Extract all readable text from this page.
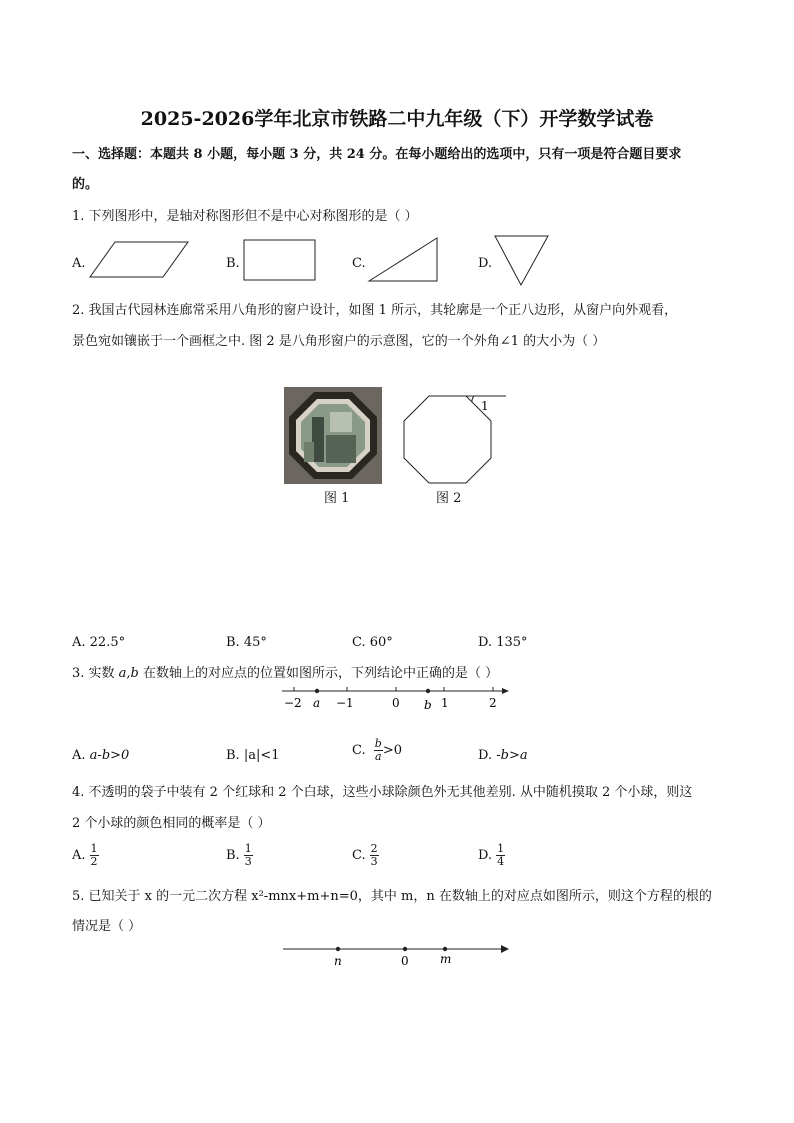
2025-2026学年北京市铁路二中九年级（下）开学数学试卷
一、选择题：本题共 8 小题，每小题 3 分，共 24 分。在每小题给出的选项中，只有一项是符合题目要求
的。
1. 下列图形中，是轴对称图形但不是中心对称图形的是（ ）
A.	B.	C.	D.
2. 我国古代园林连廊常采用八角形的窗户设计，如图 1 所示，其轮廓是一个正八边形，从窗户向外观看，
景色宛如镶嵌于一个画框之中. 图 2 是八角形窗户的示意图，它的一个外角∠1 的大小为（ ）
1
图 1	图 2
A. 22.5°	B. 45°	C. 60°	D. 135°
3. 实数 a,b 在数轴上的对应点的位置如图所示，下列结论中正确的是（ ）
−2 a −1	0 b 1	2
A. a-b>0	B. |a|<1	C. $\frac{b}{a} >0$	D. -b>a
4. 不透明的袋子中装有 2 个红球和 2 个白球，这些小球除颜色外无其他差别. 从中随机摸取 2 个小球，则这
2 个小球的颜色相同的概率是（ ）
A. $\frac{1}{2}$	B. $\frac{1}{3}$	C. $\frac{2}{3}$	D. $\frac{1}{4}$
5. 已知关于 x 的一元二次方程 x²-mnx+m+n=0，其中 m，n 在数轴上的对应点如图所示，则这个方程的根的
情况是（ ）
n	0	m
